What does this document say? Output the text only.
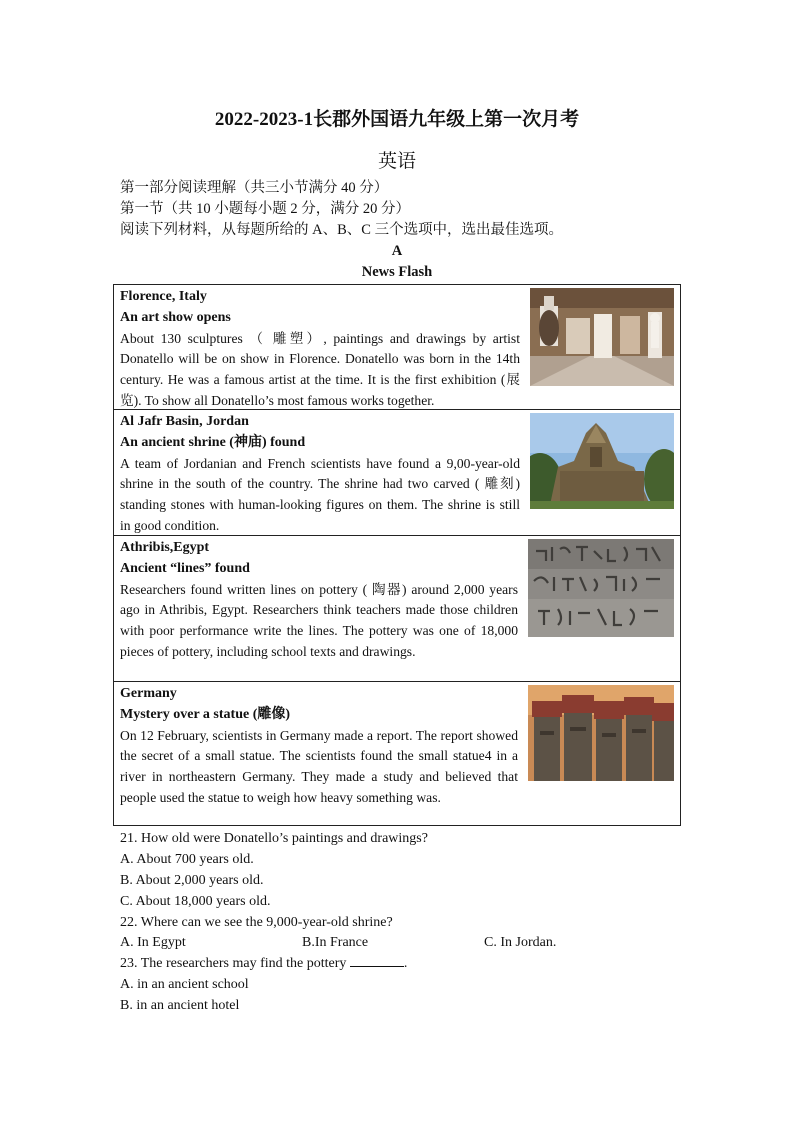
2022-2023-1长郡外国语九年级上第一次月考
英语
第一部分阅读理解（共三小节满分 40 分）
第一节（共 10 小题每小题 2 分，满分 20 分）
阅读下列材料，从每题所给的 A、B、C 三个选项中，选出最佳选项。
A
News Flash
Florence, Italy
An art show opens
About 130 sculptures （ 雕塑）, paintings and drawings by artist Donatello will be on show in Florence. Donatello was born in the 14th century. He was a famous artist at the time. It is the first exhibition (展览). To show all Donatello’s most famous works together.
Al Jafr Basin, Jordan
An ancient shrine (神庙) found
A team of Jordanian and French scientists have found a 9,00-year-old shrine in the south of the country. The shrine had two carved ( 雕刻) standing stones with human-looking figures on them. The shrine is still in good condition.
Athribis,Egypt
Ancient “lines” found
Researchers found written lines on pottery ( 陶器) around 2,000 years ago in Athribis, Egypt. Researchers think teachers made those children with poor performance write the lines. The pottery was one of 18,000 pieces of pottery, including school texts and drawings.
Germany
Mystery over a statue (雕像)
On 12 February, scientists in Germany made a report. The report showed the secret of a small statue. The scientists found the small statue4 in a river in northeastern Germany. They made a study and believed that people used the statue to weigh how heavy something was.
21. How old were Donatello’s paintings and drawings?
A. About 700 years old.
B. About 2,000 years old.
C. About 18,000 years old.
22. Where can we see the 9,000-year-old shrine?
A. In Egypt	B.In France	C. In Jordan.
23. The researchers may find the pottery	.
A. in an ancient school
B. in an ancient hotel
